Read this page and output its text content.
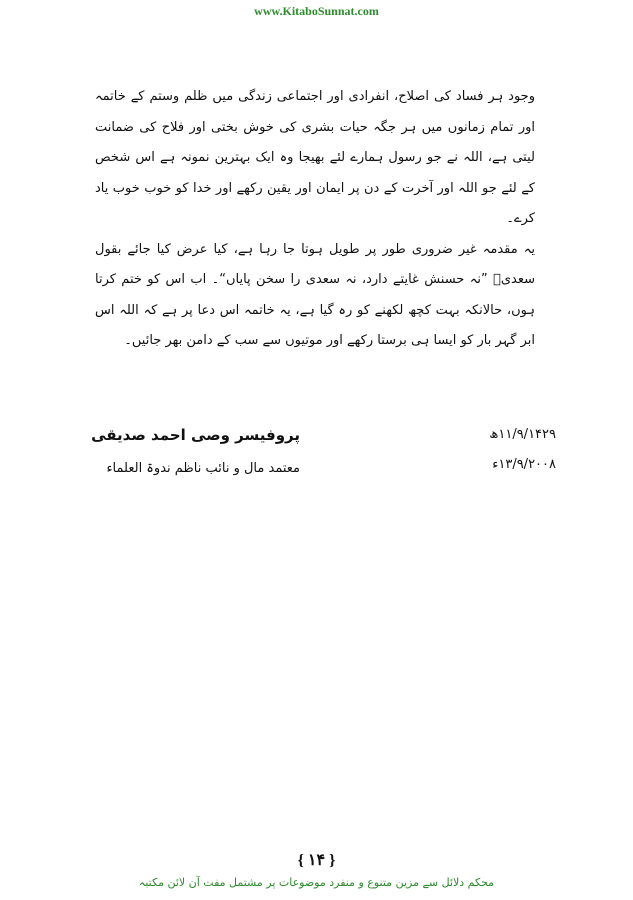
www.KitaboSunnat.com

وجود ہر فساد کی اصلاح، انفرادی اور اجتماعی زندگی میں ظلم وستم کے خاتمہ اور تمام زمانوں میں ہر جگہ حیات بشری کی خوش بختی اور فلاح کی ضمانت لیتی ہے، اللہ نے جو رسول ہمارے لئے بھیجا وہ ایک بہترین نمونہ ہے اس شخص کے لئے جو اللہ اور آخرت کے دن پر ایمان اور یقین رکھے اور خدا کو خوب خوب یاد کرے۔

یہ مقدمہ غیر ضروری طور پر طویل ہوتا جا رہا ہے، کیا عرض کیا جائے بقول سعدیؒ ”نہ حسنش غایتے دارد، نہ سعدی را سخن پایاں“۔ اب اس کو ختم کرتا ہوں، حالانکہ بہت کچھ لکھنے کو رہ گیا ہے، یہ خاتمہ اس دعا پر ہے کہ اللہ اس ابر گہر بار کو ایسا ہی برستا رکھے اور موتیوں سے سب کے دامن بھر جائیں۔

۱۱/۹/۱۴۲۹ھ
۱۳/۹/۲۰۰۸ء
پروفیسر وصی احمد صدیقی
معتمد مال و نائب ناظم ندوۃ العلماء
{ ۱۴ }
محکم دلائل سے مزین متنوع و منفرد موضوعات پر مشتمل مفت آن لائن مکتبہ
